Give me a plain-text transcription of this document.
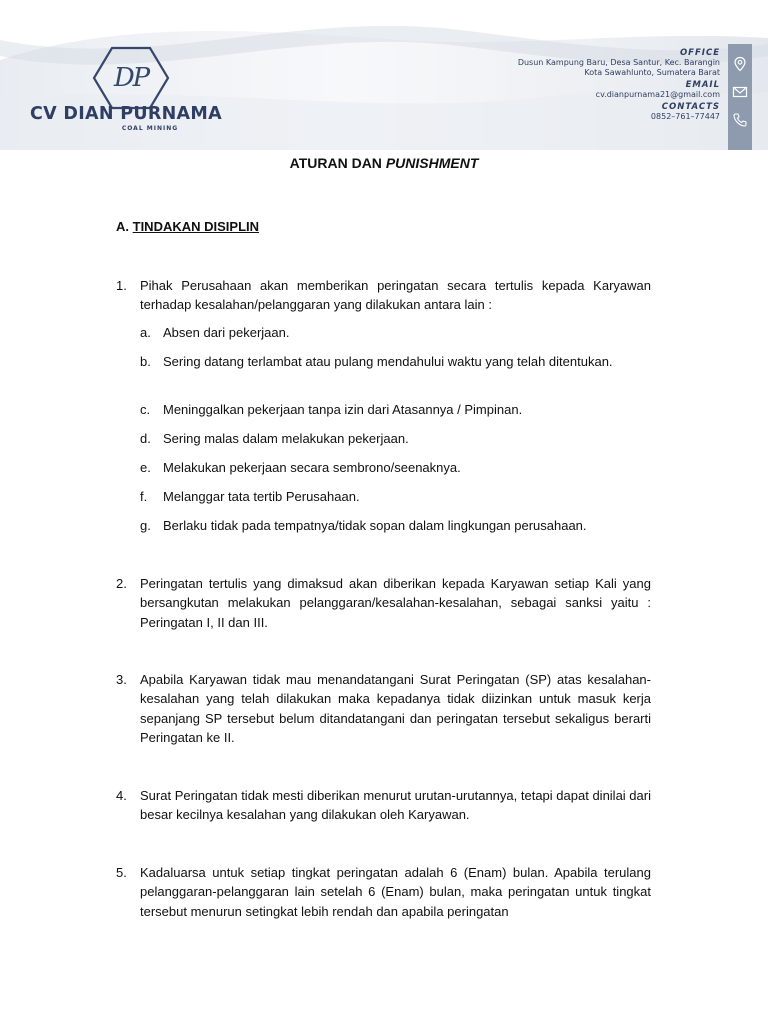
DP
CV DIAN PURNAMA
COAL MINING
OFFICE
Dusun Kampung Baru, Desa Santur, Kec. Barangin
Kota Sawahlunto, Sumatera Barat
EMAIL
cv.dianpurnama21@gmail.com
CONTACTS
0852–761–77447
ATURAN DAN PUNISHMENT
A. TINDAKAN DISIPLIN
1. Pihak Perusahaan akan memberikan peringatan secara tertulis kepada Karyawan terhadap kesalahan/pelanggaran yang dilakukan antara lain :
a. Absen dari pekerjaan.
b. Sering datang terlambat atau pulang mendahului waktu yang telah ditentukan.
c. Meninggalkan pekerjaan tanpa izin dari Atasannya / Pimpinan.
d. Sering malas dalam melakukan pekerjaan.
e. Melakukan pekerjaan secara sembrono/seenaknya.
f. Melanggar tata tertib Perusahaan.
g. Berlaku tidak pada tempatnya/tidak sopan dalam lingkungan perusahaan.
2. Peringatan tertulis yang dimaksud akan diberikan kepada Karyawan setiap Kali yang bersangkutan melakukan pelanggaran/kesalahan-kesalahan, sebagai sanksi yaitu : Peringatan I, II dan III.
3. Apabila Karyawan tidak mau menandatangani Surat Peringatan (SP) atas kesalahan-kesalahan yang telah dilakukan maka kepadanya tidak diizinkan untuk masuk kerja sepanjang SP tersebut belum ditandatangani dan peringatan tersebut sekaligus berarti Peringatan ke II.
4. Surat Peringatan tidak mesti diberikan menurut urutan-urutannya, tetapi dapat dinilai dari besar kecilnya kesalahan yang dilakukan oleh Karyawan.
5. Kadaluarsa untuk setiap tingkat peringatan adalah 6 (Enam) bulan. Apabila terulang pelanggaran-pelanggaran lain setelah 6 (Enam) bulan, maka peringatan untuk tingkat tersebut menurun setingkat lebih rendah dan apabila peringatan
